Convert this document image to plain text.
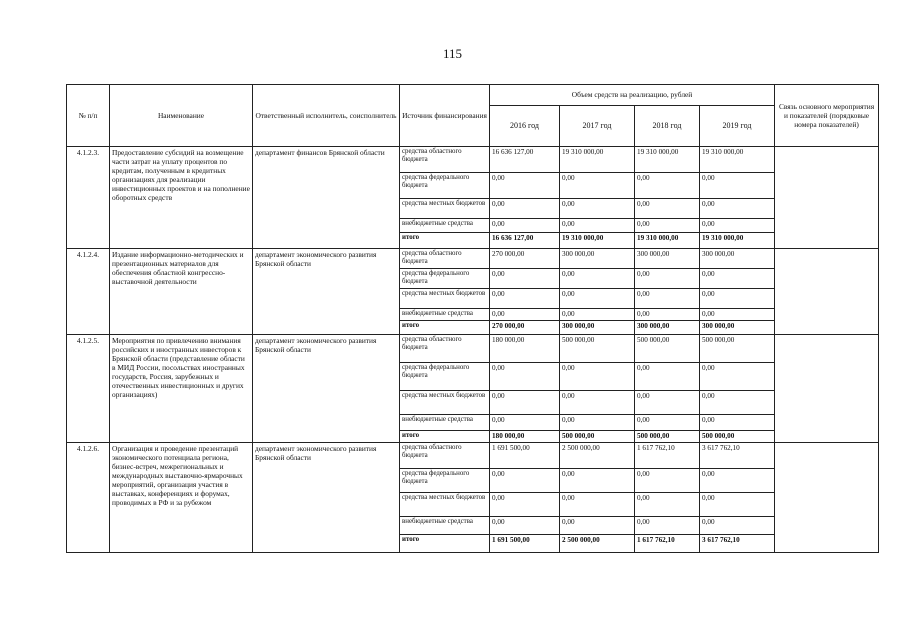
115
№ п/п	Наименование	Ответственный исполнитель, соисполнитель	Источник финансирования	Объем средств на реализацию, рублей				Связь основного мероприятия и показателей (порядковые номера показателей)
				2016 год	2017 год	2018 год	2019 год	
4.1.2.3.	Предоставление субсидий на возмещение части затрат на уплату процентов по кредитам, полученным в кредитных организациях для реализации инвестиционных проектов и на пополнение оборотных средств	департамент финансов Брянской области	средства областного бюджета	16 636 127,00	19 310 000,00	19 310 000,00	19 310 000,00	
			средства федерального бюджета	0,00	0,00	0,00	0,00	
			средства местных бюджетов	0,00	0,00	0,00	0,00	
			внебюджетные средства	0,00	0,00	0,00	0,00	
			итого	16 636 127,00	19 310 000,00	19 310 000,00	19 310 000,00	
4.1.2.4.	Издание информационно-методических и презентационных материалов для обеспечения областной конгрессно-выставочной деятельности	департамент экономического развития Брянской области	средства областного бюджета	270 000,00	300 000,00	300 000,00	300 000,00	
			средства федерального бюджета	0,00	0,00	0,00	0,00	
			средства местных бюджетов	0,00	0,00	0,00	0,00	
			внебюджетные средства	0,00	0,00	0,00	0,00	
			итого	270 000,00	300 000,00	300 000,00	300 000,00	
4.1.2.5.	Мероприятия по привлечению внимания российских и иностранных инвесторов к Брянской области (представление области в МИД России, посольствах иностранных государств, Россия, зарубежных и отечественных инвестиционных и других организациях)	департамент экономического развития Брянской области	средства областного бюджета	180 000,00	500 000,00	500 000,00	500 000,00	
			средства федерального бюджета	0,00	0,00	0,00	0,00	
			средства местных бюджетов	0,00	0,00	0,00	0,00	
			внебюджетные средства	0,00	0,00	0,00	0,00	
			итого	180 000,00	500 000,00	500 000,00	500 000,00	
4.1.2.6.	Организация и проведение презентаций экономического потенциала региона, бизнес-встреч, межрегиональных и международных выставочно-ярмарочных мероприятий, организация участия в выставках, конференциях и форумах, проводимых в РФ и за рубежом	департамент экономического развития Брянской области	средства областного бюджета	1 691 500,00	2 500 000,00	1 617 762,10	3 617 762,10	
			средства федерального бюджета	0,00	0,00	0,00	0,00	
			средства местных бюджетов	0,00	0,00	0,00	0,00	
			внебюджетные средства	0,00	0,00	0,00	0,00	
			итого	1 691 500,00	2 500 000,00	1 617 762,10	3 617 762,10	
